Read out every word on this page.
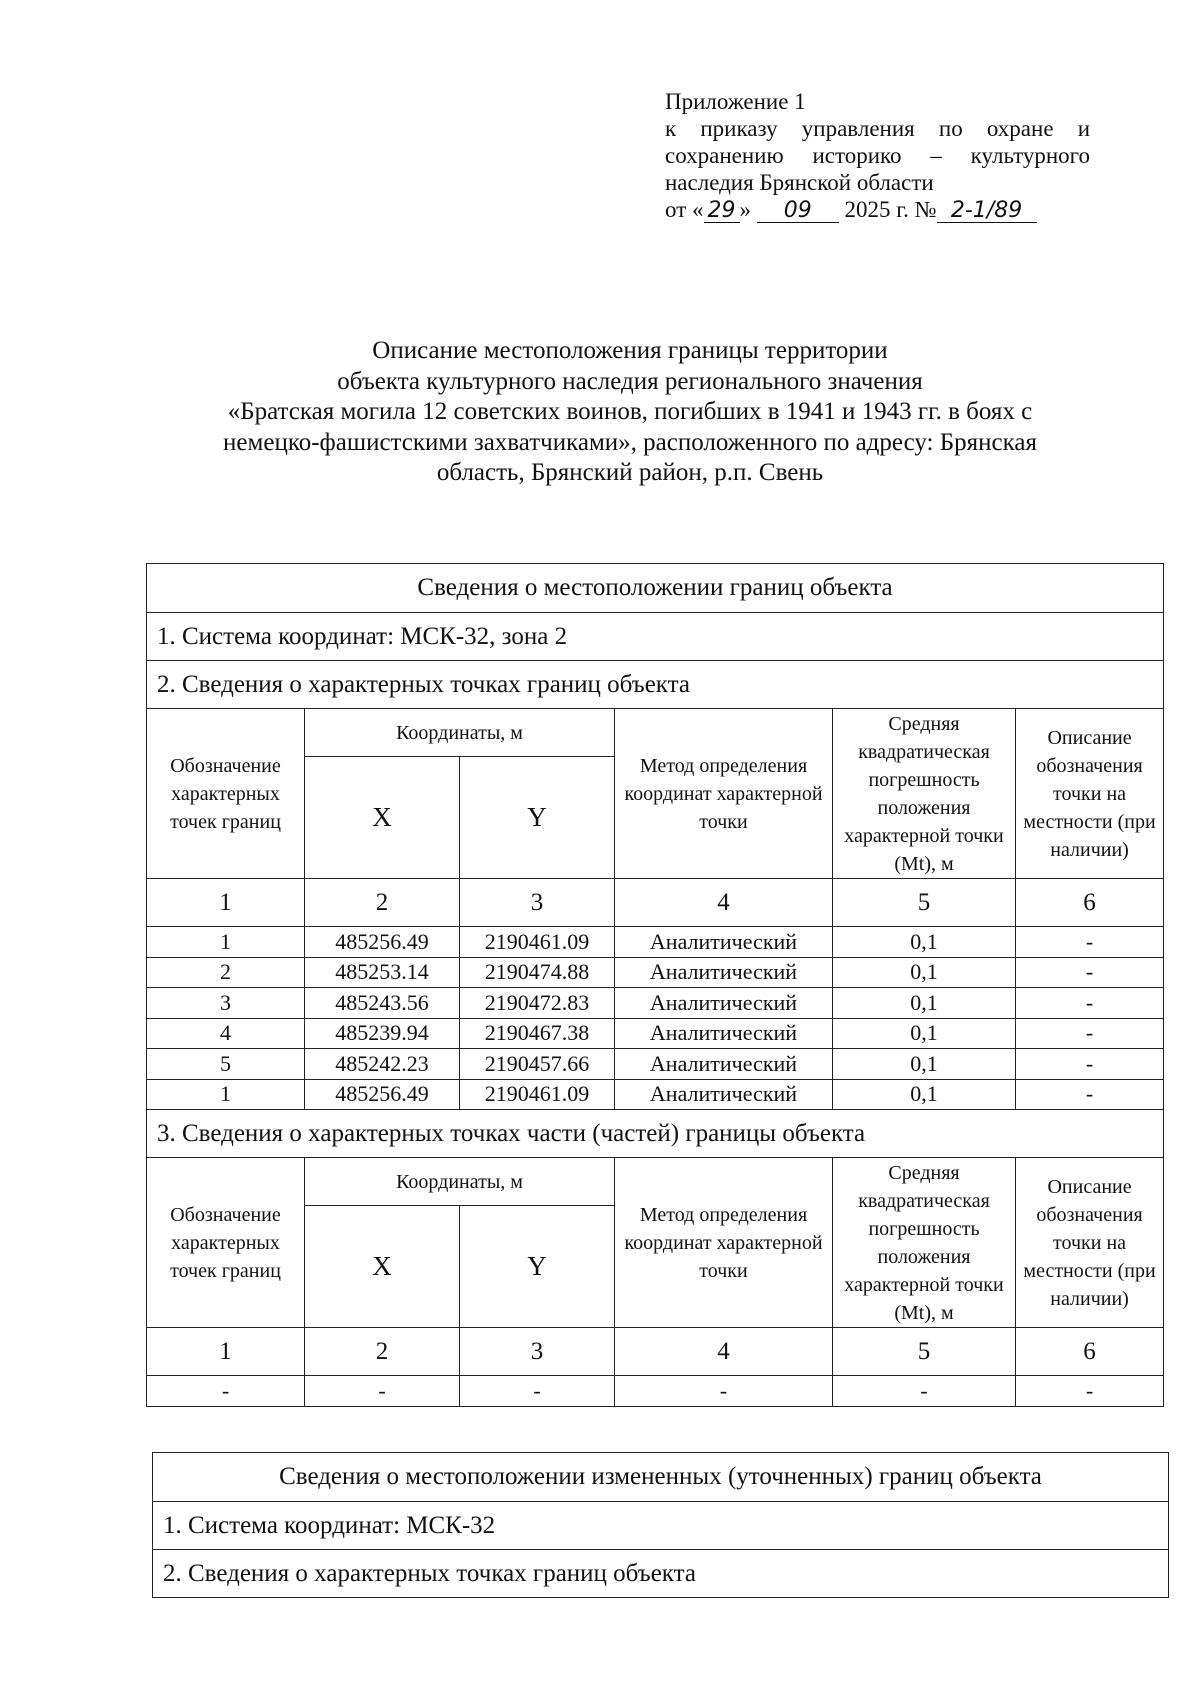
Приложение 1
к приказу управления по охране и
сохранению историко – культурного
наследия Брянской области
от « 29 » 09 2025 г. № 2-1/89
Описание местоположения границы территории
объекта культурного наследия регионального значения
«Братская могила 12 советских воинов, погибших в 1941 и 1943 гг. в боях с
немецко-фашистскими захватчиками», расположенного по адресу: Брянская
область, Брянский район, р.п. Свень
Сведения о местоположении границ объекта					
1. Система координат: МСК-32, зона 2					
2. Сведения о характерных точках границ объекта					
Обозначение характерных точек границ	Координаты, м		Метод определения координат характерной точки	Средняя квадратическая погрешность положения характерной точки (Mt), м	Описание обозначения точки на местности (при наличии)
	X	Y			
1	2	3	4	5	6
1	485256.49	2190461.09	Аналитический	0,1	-
2	485253.14	2190474.88	Аналитический	0,1	-
3	485243.56	2190472.83	Аналитический	0,1	-
4	485239.94	2190467.38	Аналитический	0,1	-
5	485242.23	2190457.66	Аналитический	0,1	-
1	485256.49	2190461.09	Аналитический	0,1	-
3. Сведения о характерных точках части (частей) границы объекта					
Обозначение характерных точек границ	Координаты, м		Метод определения координат характерной точки	Средняя квадратическая погрешность положения характерной точки (Mt), м	Описание обозначения точки на местности (при наличии)
	X	Y			
1	2	3	4	5	6
-	-	-	-	-	-
Сведения о местоположении измененных (уточненных) границ объекта
1. Система координат: МСК-32
2. Сведения о характерных точках границ объекта
